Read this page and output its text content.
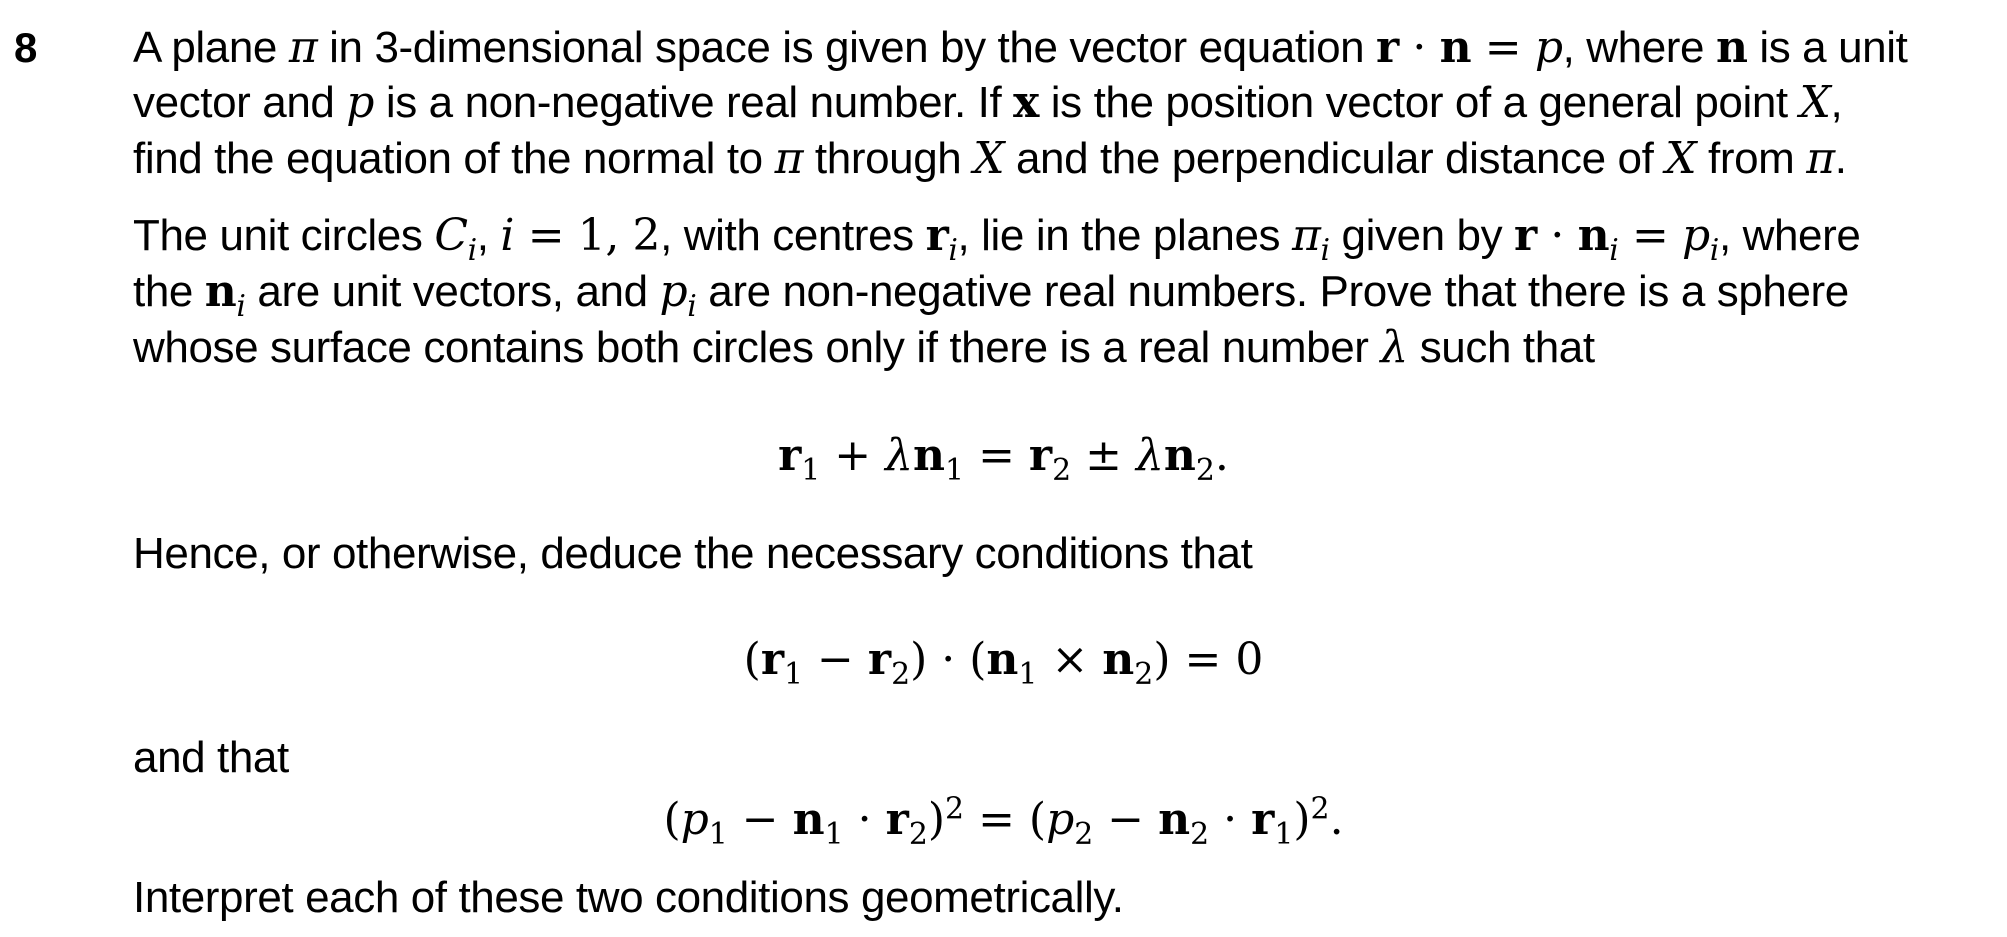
8 A plane π in 3-dimensional space is given by the vector equation r · n = p, where n is a unit
vector and p is a non-negative real number. If x is the position vector of a general point X,
find the equation of the normal to π through X and the perpendicular distance of X from π.
The unit circles $C_i$, i = 1, 2, with centres $r_i$, lie in the planes $\pi_i$ given by $r \cdot n_i = p_i$, where
the $n_i$ are unit vectors, and $p_i$ are non-negative real numbers. Prove that there is a sphere
whose surface contains both circles only if there is a real number λ such that
$r_1 + \lambda n_1 = r_2 \pm \lambda n_2$.
Hence, or otherwise, deduce the necessary conditions that
$(r_1 - r_2) \cdot (n_1 \times n_2) = 0$
and that
$(p_1 - n_1 \cdot r_2)^2 = (p_2 - n_2 \cdot r_1)^2$.
Interpret each of these two conditions geometrically.
